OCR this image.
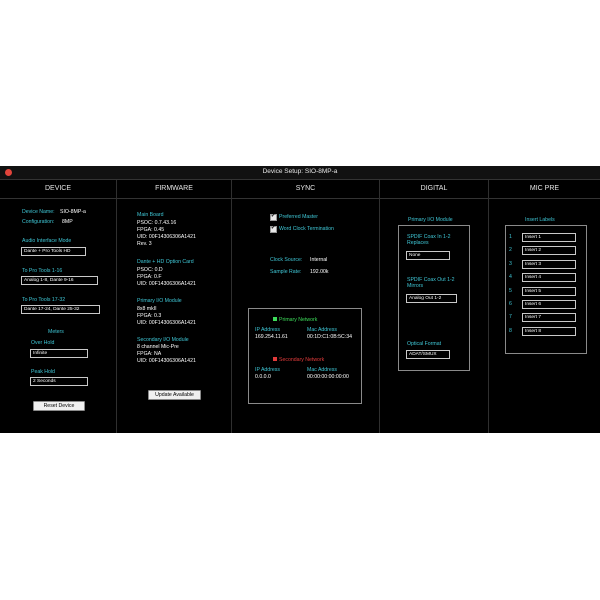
Device Setup: SIO-8MP-a
DEVICE
Device Name: SIO-8MP-a
Configuration: 8MP
Audio Interface Mode
Dante + Pro Tools HD
To Pro Tools 1-16
Analog 1-8, Dante 9-16
To Pro Tools 17-32
Dante 17-24, Dante 25-32
Meters
Over Hold
Infinite
Peak Hold
2 Seconds
Reset Device
FIRMWARE
Main Board
PSOC: 0.7.43.16
FPGA: 0.45
UID: 00F14306306A1421
Rev. 3
Dante + HD Option Card
PSOC: 0.D
FPGA: 0.F
UID: 00F14306306A1421
Primary I/O Module
8x8 mkII
FPGA: 0.3
UID: 00F14306306A1421
Secondary I/O Module
8 channel Mic-Pre
FPGA: NA
UID: 00F14306306A1421
Update Available
SYNC
✔
Preferred Master
✔
Word Clock Termination
Clock Source: Internal
Sample Rate: 192.00k
Primary Network
IP Address
169.254.11.61
Mac Address
00:1D:C1:0B:5C:34
Secondary Network
IP Address
0.0.0.0
Mac Address
00:00:00:00:00:00
DIGITAL
Primary I/O Module
SPDIF Coax In 1-2 Replaces
None
SPDIF Coax Out 1-2 Mirrors
Analog Out 1-2
Optical Format
ADAT/SMUX
MIC PRE
Insert Labels
1	Insert 1
2	Insert 2
3	Insert 3
4	Insert 4
5	Insert 5
6	Insert 6
7	Insert 7
8	Insert 8
